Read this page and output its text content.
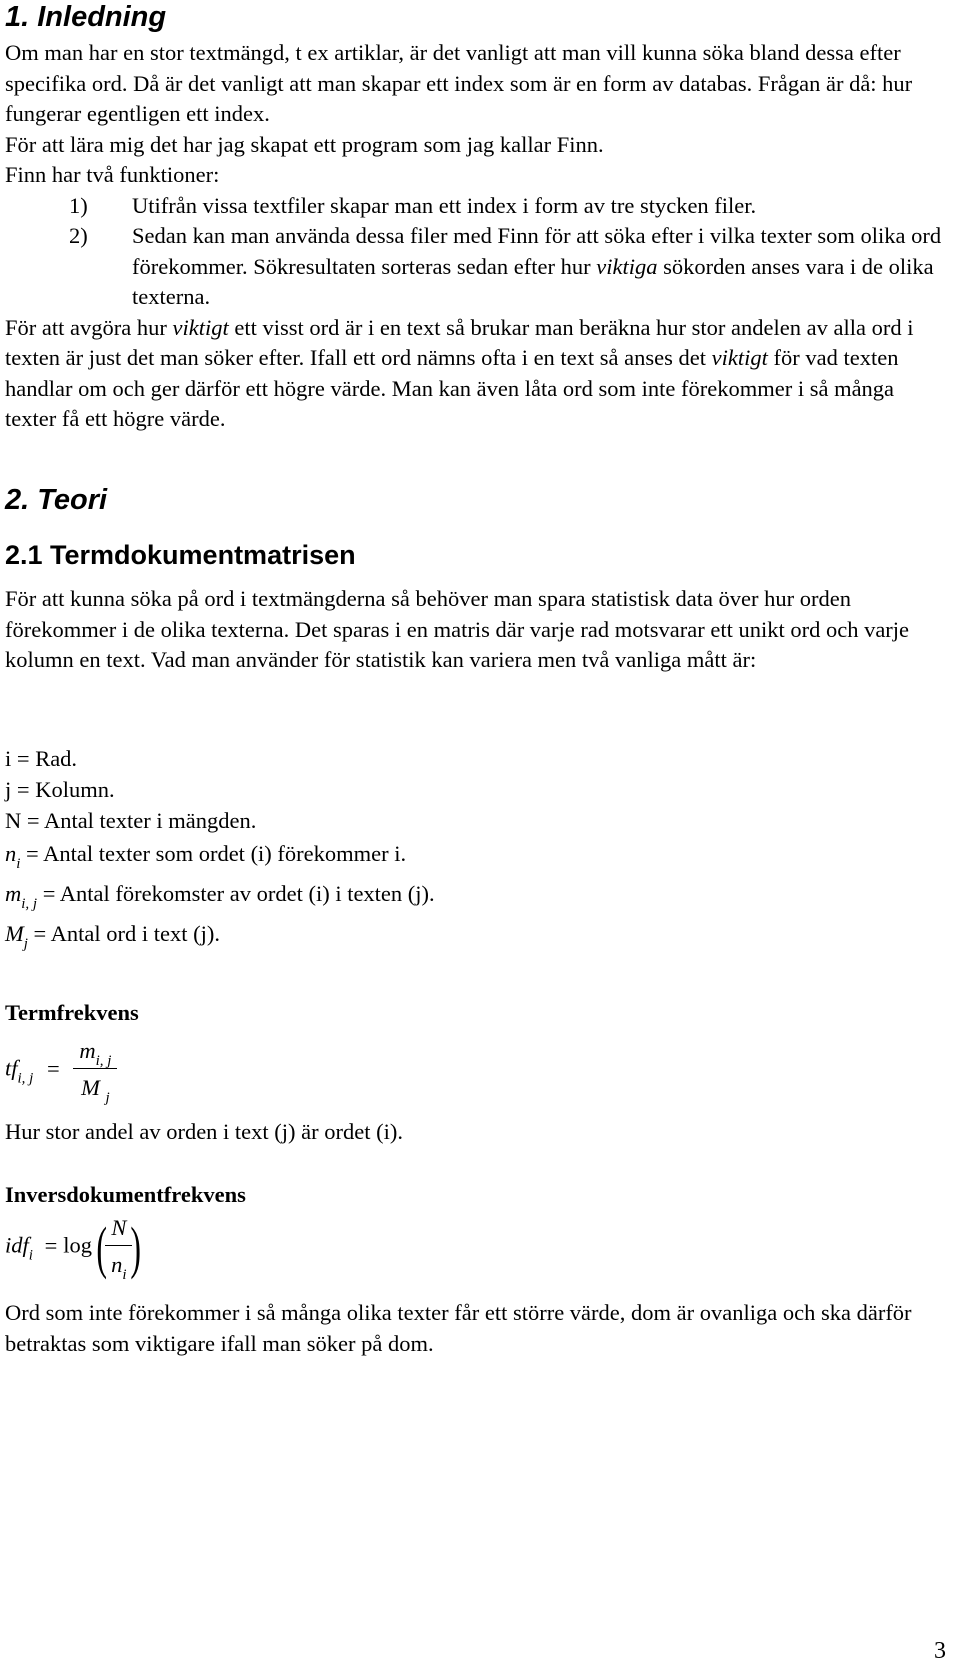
1. Inledning

Om man har en stor textmängd, t ex artiklar, är det vanligt att man vill kunna söka bland dessa efter specifika ord. Då är det vanligt att man skapar ett index som är en form av databas. Frågan är då: hur fungerar egentligen ett index.

För att lära mig det har jag skapat ett program som jag kallar Finn.

Finn har två funktioner:

1) Utifrån vissa textfiler skapar man ett index i form av tre stycken filer.
2) Sedan kan man använda dessa filer med Finn för att söka efter i vilka texter som olika ord förekommer. Sökresultaten sorteras sedan efter hur viktiga sökorden anses vara i de olika texterna.

För att avgöra hur viktigt ett visst ord är i en text så brukar man beräkna hur stor andelen av alla ord i texten är just det man söker efter. Ifall ett ord nämns ofta i en text så anses det viktigt för vad texten handlar om och ger därför ett högre värde. Man kan även låta ord som inte förekommer i så många texter få ett högre värde.

2. Teori
2.1 Termdokumentmatrisen
För att kunna söka på ord i textmängderna så behöver man spara statistisk data över hur orden förekommer i de olika texterna. Det sparas i en matris där varje rad motsvarar ett unikt ord och varje kolumn en text. Vad man använder för statistik kan variera men två vanliga mått är:
i = Rad.
j = Kolumn.
N = Antal texter i mängden.
$n_i$ = Antal texter som ordet (i) förekommer i.
$m_{i, j}$ = Antal förekomster av ordet (i) i texten (j).
$M_j$ = Antal ord i text (j).
Termfrekvens
$tf_{i, j} = \frac{m_{i, j}}{M _j}$
Hur stor andel av orden i text (j) är ordet (i).
Inversdokumentfrekvens
idf$_i$ = log(
$\frac{N}{n_i}$
)
Ord som inte förekommer i så många olika texter får ett större värde, dom är ovanliga och ska därför betraktas som viktigare ifall man söker på dom.
3
